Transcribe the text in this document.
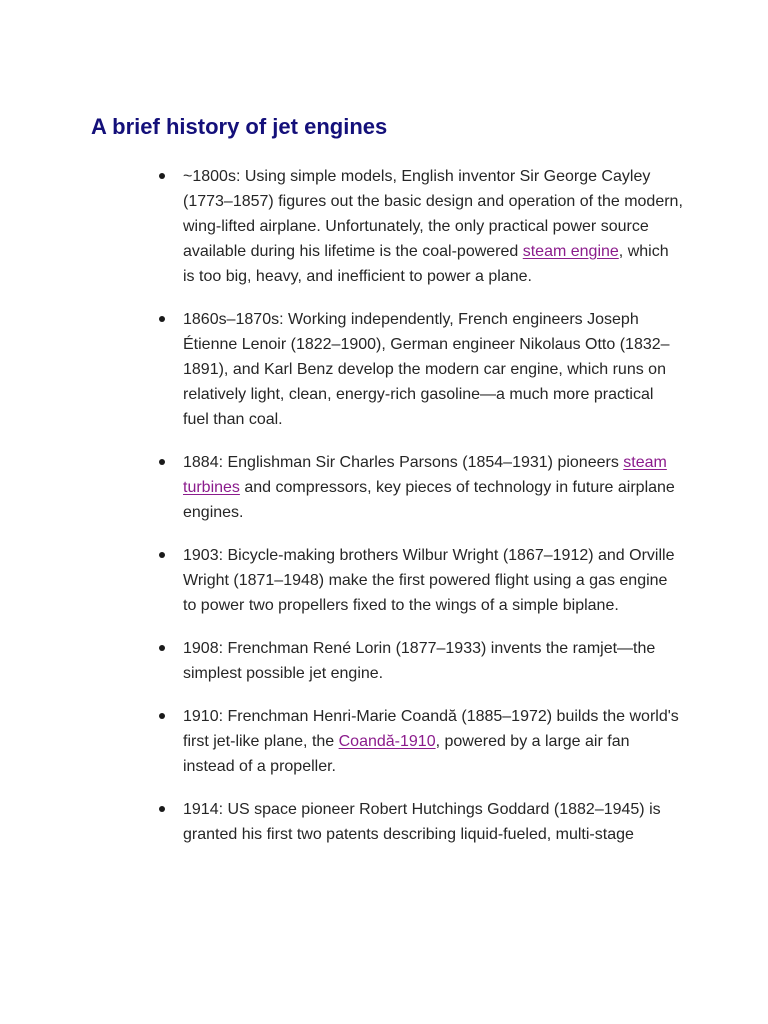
A brief history of jet engines
~1800s: Using simple models, English inventor Sir George Cayley (1773–1857) figures out the basic design and operation of the modern, wing-lifted airplane. Unfortunately, the only practical power source available during his lifetime is the coal-powered steam engine, which is too big, heavy, and inefficient to power a plane.
1860s–1870s: Working independently, French engineers Joseph Étienne Lenoir (1822–1900), German engineer Nikolaus Otto (1832–1891), and Karl Benz develop the modern car engine, which runs on relatively light, clean, energy-rich gasoline—a much more practical fuel than coal.
1884: Englishman Sir Charles Parsons (1854–1931) pioneers steam turbines and compressors, key pieces of technology in future airplane engines.
1903: Bicycle-making brothers Wilbur Wright (1867–1912) and Orville Wright (1871–1948) make the first powered flight using a gas engine to power two propellers fixed to the wings of a simple biplane.
1908: Frenchman René Lorin (1877–1933) invents the ramjet—the simplest possible jet engine.
1910: Frenchman Henri-Marie Coandă (1885–1972) builds the world's first jet-like plane, the Coandă-1910, powered by a large air fan instead of a propeller.
1914: US space pioneer Robert Hutchings Goddard (1882–1945) is granted his first two patents describing liquid-fueled, multi-stage
